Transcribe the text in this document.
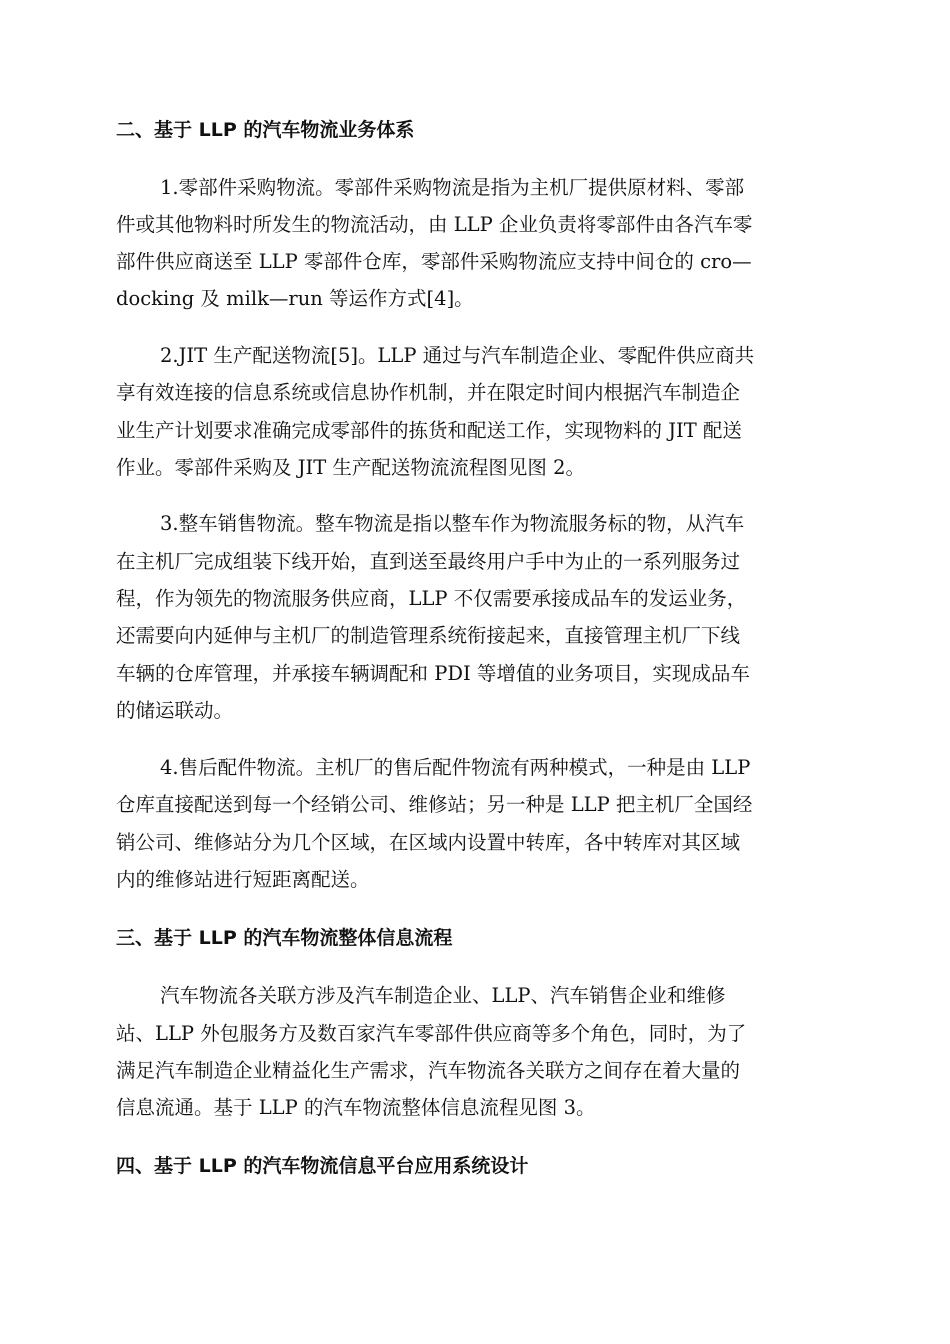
二、基于 LLP 的汽车物流业务体系
1.零部件采购物流。零部件采购物流是指为主机厂提供原材料、零部
件或其他物料时所发生的物流活动，由 LLP 企业负责将零部件由各汽车零
部件供应商送至 LLP 零部件仓库，零部件采购物流应支持中间仓的 cro—
docking 及 milk—run 等运作方式[4]。
2.JIT 生产配送物流[5]。LLP 通过与汽车制造企业、零配件供应商共
享有效连接的信息系统或信息协作机制，并在限定时间内根据汽车制造企
业生产计划要求准确完成零部件的拣货和配送工作，实现物料的 JIT 配送
作业。零部件采购及 JIT 生产配送物流流程图见图 2。
3.整车销售物流。整车物流是指以整车作为物流服务标的物，从汽车
在主机厂完成组装下线开始，直到送至最终用户手中为止的一系列服务过
程，作为领先的物流服务供应商，LLP 不仅需要承接成品车的发运业务，
还需要向内延伸与主机厂的制造管理系统衔接起来，直接管理主机厂下线
车辆的仓库管理，并承接车辆调配和 PDI 等增值的业务项目，实现成品车
的储运联动。
4.售后配件物流。主机厂的售后配件物流有两种模式，一种是由 LLP
仓库直接配送到每一个经销公司、维修站；另一种是 LLP 把主机厂全国经
销公司、维修站分为几个区域，在区域内设置中转库，各中转库对其区域
内的维修站进行短距离配送。
三、基于 LLP 的汽车物流整体信息流程
汽车物流各关联方涉及汽车制造企业、LLP、汽车销售企业和维修
站、LLP 外包服务方及数百家汽车零部件供应商等多个角色，同时，为了
满足汽车制造企业精益化生产需求，汽车物流各关联方之间存在着大量的
信息流通。基于 LLP 的汽车物流整体信息流程见图 3。
四、基于 LLP 的汽车物流信息平台应用系统设计
